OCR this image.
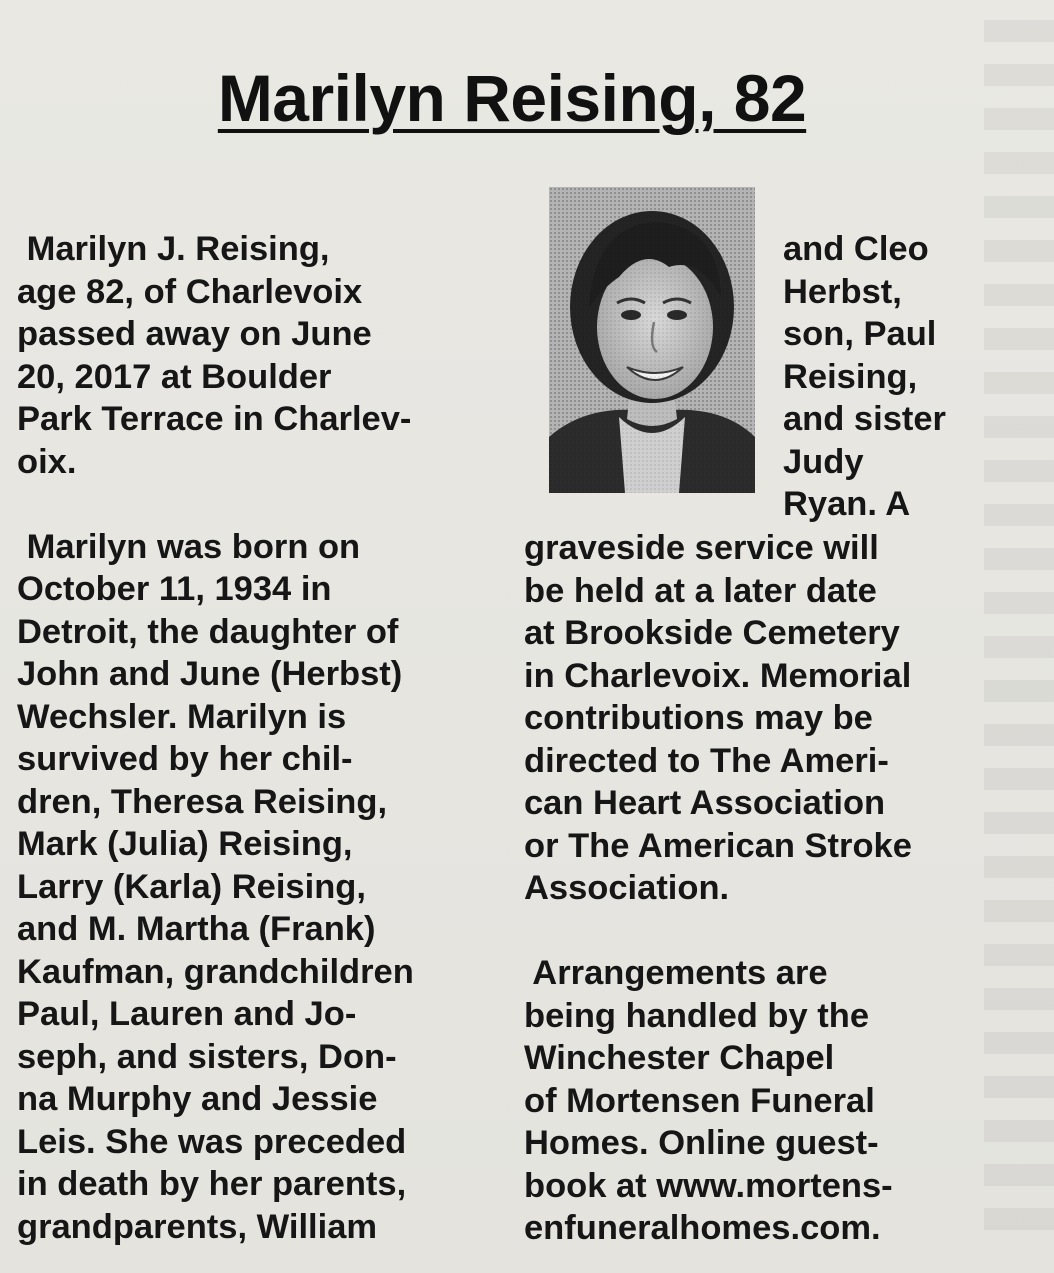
Marilyn Reising, 82
Marilyn J. Reising,
age 82, of Charlevoix
passed away on June
20, 2017 at Boulder
Park Terrace in Charlev-
oix.
Marilyn was born on
October 11, 1934 in
Detroit, the daughter of
John and June (Herbst)
Wechsler. Marilyn is
survived by her chil-
dren, Theresa Reising,
Mark (Julia) Reising,
Larry (Karla) Reising,
and M. Martha (Frank)
Kaufman, grandchildren
Paul, Lauren and Jo-
seph, and sisters, Don-
na Murphy and Jessie
Leis. She was preceded
in death by her parents,
grandparents, William
and Cleo
Herbst,
son, Paul
Reising,
and sister
Judy
Ryan. A
graveside service will
be held at a later date
at Brookside Cemetery
in Charlevoix. Memorial
contributions may be
directed to The Ameri-
can Heart Association
or The American Stroke
Association.
Arrangements are
being handled by the
Winchester Chapel
of Mortensen Funeral
Homes. Online guest-
book at www.mortens-
enfuneralhomes.com.
